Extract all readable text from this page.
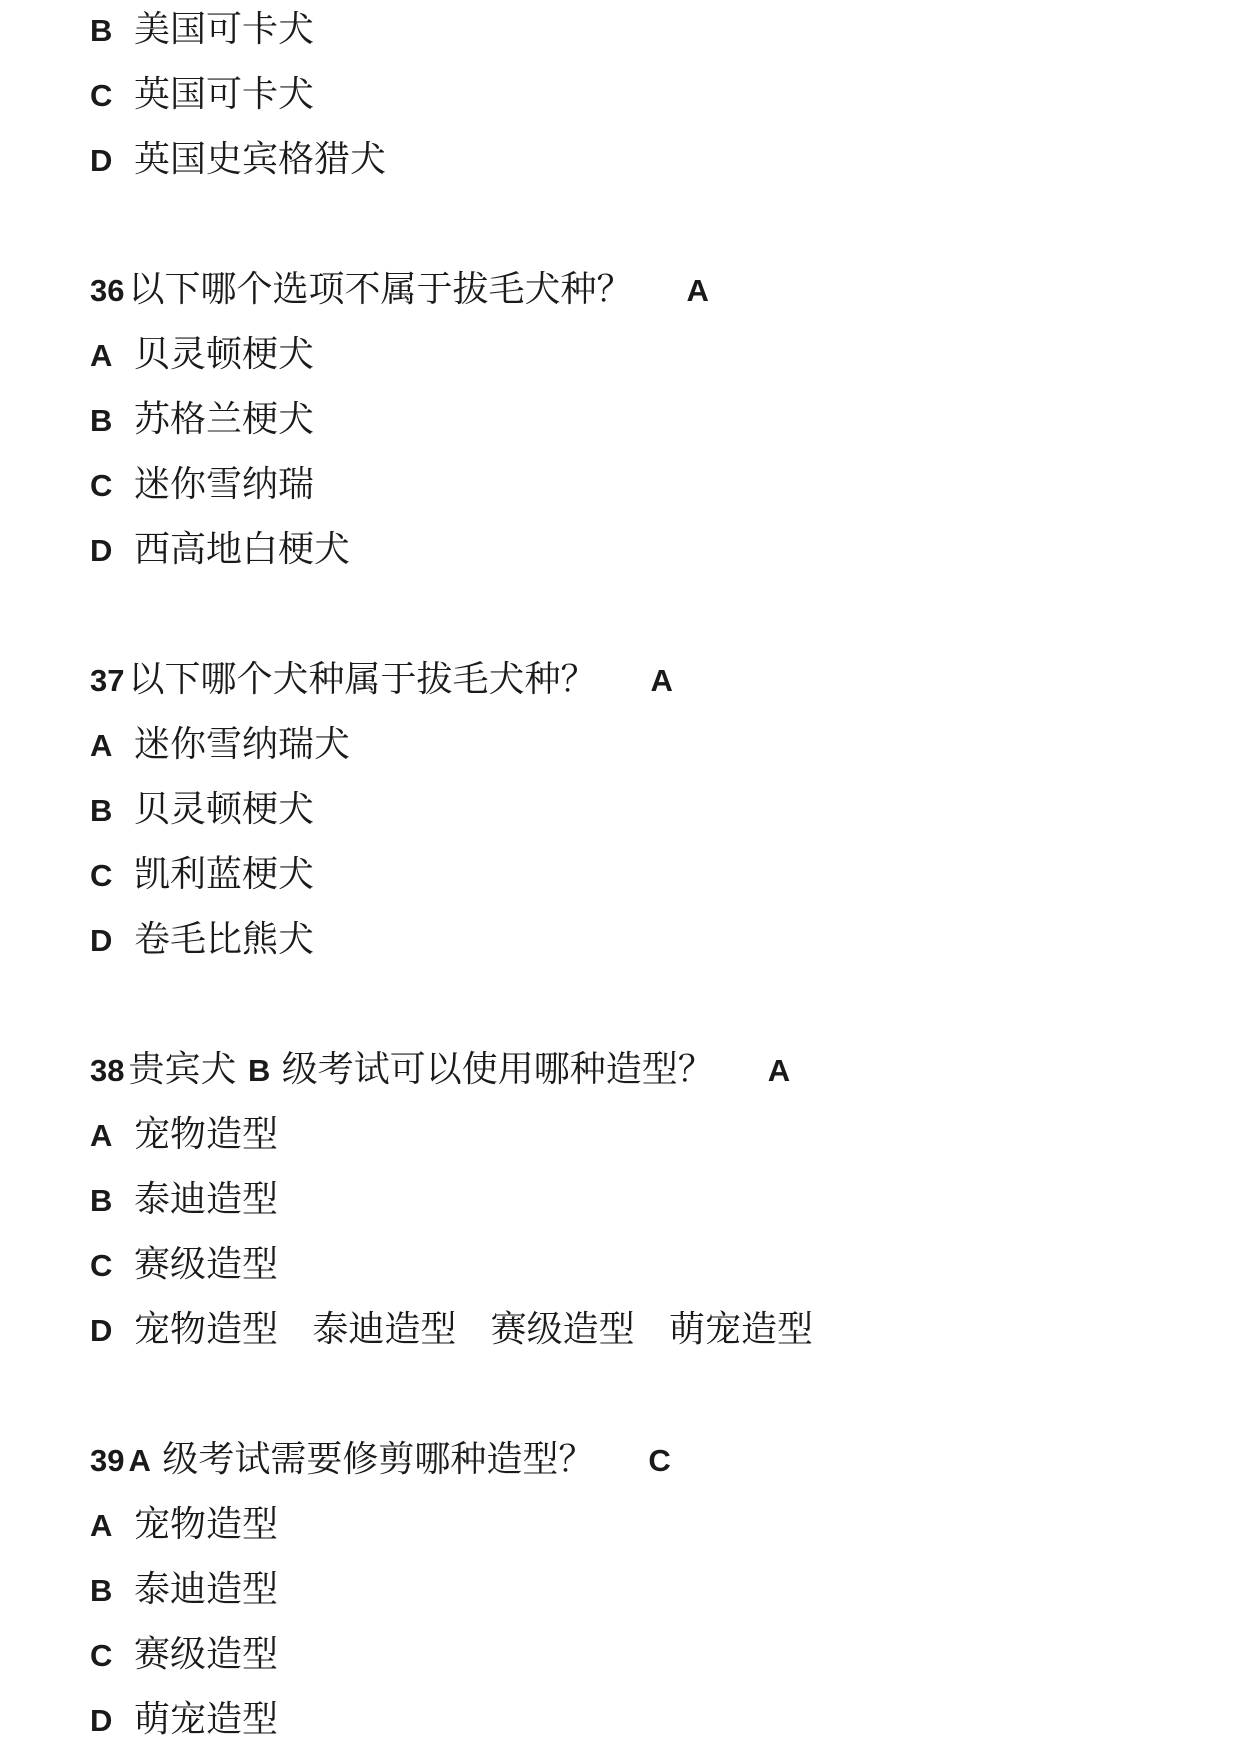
B 美国可卡犬
C 英国可卡犬
D 英国史宾格猎犬
36 以下哪个选项不属于拔毛犬种？ A
A 贝灵顿梗犬
B 苏格兰梗犬
C 迷你雪纳瑞
D 西高地白梗犬
37 以下哪个犬种属于拔毛犬种？ A
A 迷你雪纳瑞犬
B 贝灵顿梗犬
C 凯利蓝梗犬
D 卷毛比熊犬
38 贵宾犬 B 级考试可以使用哪种造型？ A
A 宠物造型
B 泰迪造型
C 赛级造型
D 宠物造型   泰迪造型   赛级造型   萌宠造型
39 A 级考试需要修剪哪种造型？ C
A 宠物造型
B 泰迪造型
C 赛级造型
D 萌宠造型
